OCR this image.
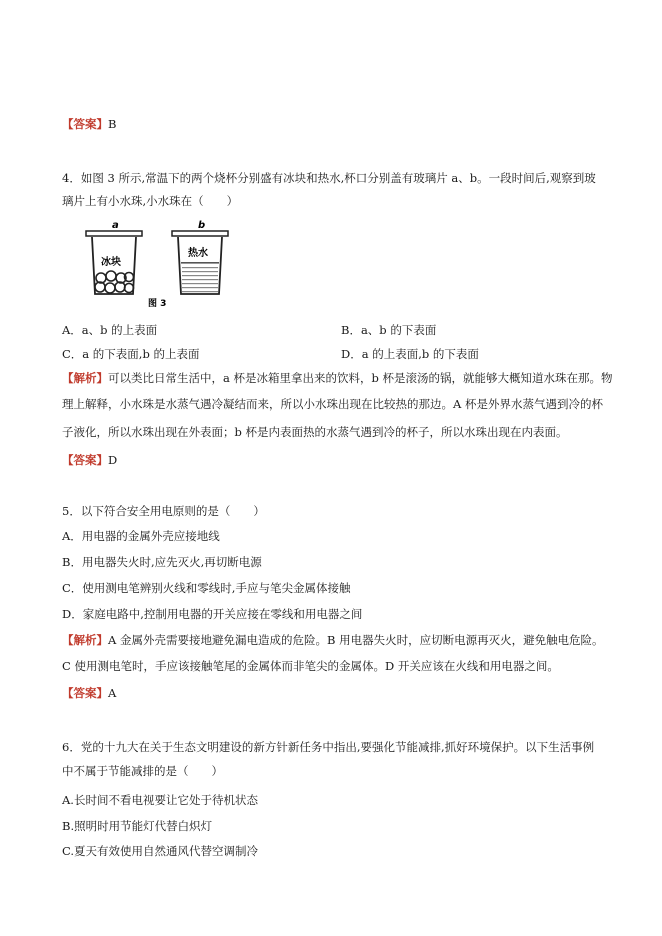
【答案】B
4．如图 3 所示,常温下的两个烧杯分别盛有冰块和热水,杯口分别盖有玻璃片 a、b。一段时间后,观察到玻
璃片上有小水珠,小水珠在（　　）
a
冰块
b
热水
图 3
A．a、b 的上表面	B．a、b 的下表面
C．a 的下表面,b 的上表面	D．a 的上表面,b 的下表面
【解析】可以类比日常生活中，a 杯是冰箱里拿出来的饮料，b 杯是滚汤的锅，就能够大概知道水珠在那。物
理上解释，小水珠是水蒸气遇冷凝结而来，所以小水珠出现在比较热的那边。A 杯是外界水蒸气遇到冷的杯
子液化，所以水珠出现在外表面；b 杯是内表面热的水蒸气遇到冷的杯子，所以水珠出现在内表面。
【答案】D
5．以下符合安全用电原则的是（　　）
A．用电器的金属外壳应接地线
B．用电器失火时,应先灭火,再切断电源
C．使用测电笔辨别火线和零线时,手应与笔尖金属体接触
D．家庭电路中,控制用电器的开关应接在零线和用电器之间
【解析】A 金属外壳需要接地避免漏电造成的危险。B 用电器失火时，应切断电源再灭火，避免触电危险。
C 使用测电笔时，手应该接触笔尾的金属体而非笔尖的金属体。D 开关应该在火线和用电器之间。
【答案】A
6．党的十九大在关于生态文明建设的新方针新任务中指出,要强化节能减排,抓好环境保护。以下生活事例
中不属于节能减排的是（　　）
A.长时间不看电视要让它处于待机状态
B.照明时用节能灯代替白炽灯
C.夏天有效使用自然通风代替空调制冷
